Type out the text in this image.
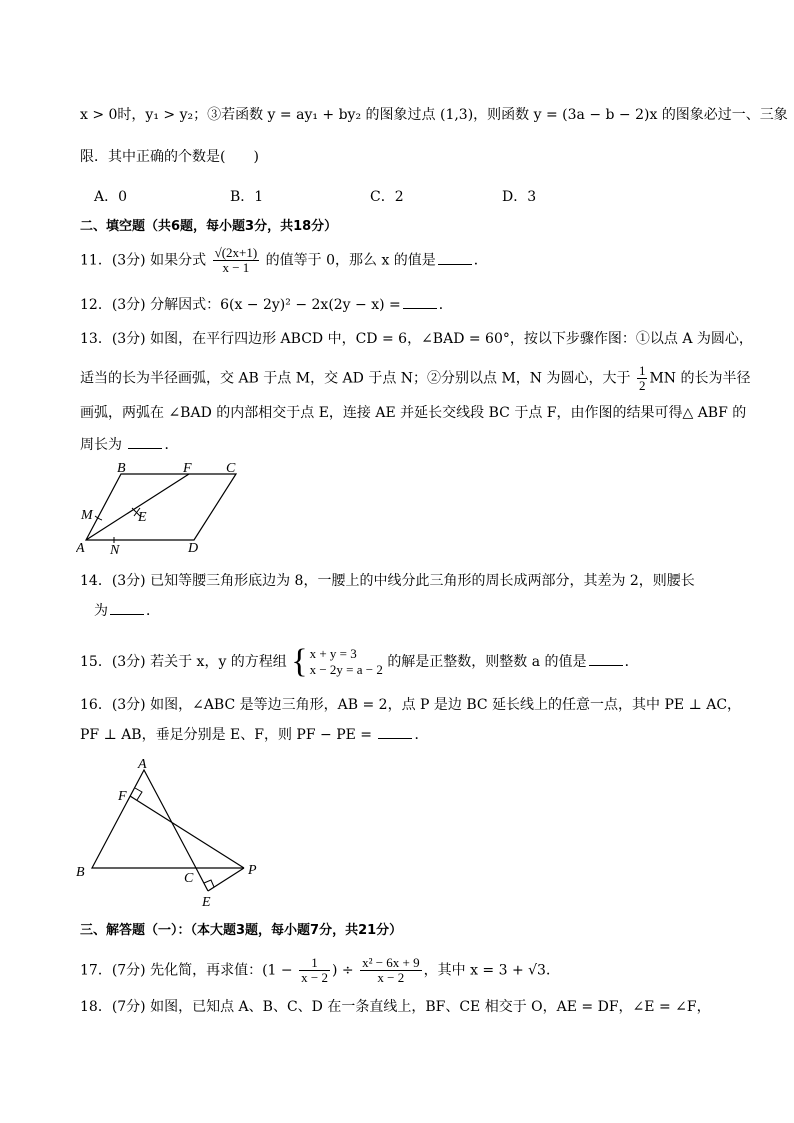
x > 0时，y₁ > y₂；③若函数 y = ay₁ + by₂ 的图象过点 (1,3)，则函数 y = (3a − b − 2)x 的图象必过一、三象
限．其中正确的个数是(　　)
A．0	B．1	C．2	D．3
二、填空题（共6题，每小题3分，共18分）
11．(3分) 如果分式 $\frac{√(2x+1)}{x - 1}$ 的值等于 0，那么 x 的值是	．
12．(3分) 分解因式：6(x − 2y)² − 2x(2y − x) =	．
13．(3分) 如图，在平行四边形 ABCD 中，CD = 6，∠BAD = 60°，按以下步骤作图：①以点 A 为圆心，
适当的长为半径画弧，交 AB 于点 M，交 AD 于点 N；②分别以点 M，N 为圆心，大于 $\frac{1}{2}$ MN 的长为半径
画弧，两弧在 ∠BAD 的内部相交于点 E，连接 AE 并延长交线段 BC 于点 F，由作图的结果可得△ ABF 的
周长为	．
B	F C
M	E
A N	D
14．(3分) 已知等腰三角形底边为 8，一腰上的中线分此三角形的周长成两部分，其差为 2，则腰长
为	．
15．(3分) 若关于 x，y 的方程组 { x + y = 3
x − 2y = a − 2 的解是正整数，则整数 a 的值是	．
16．(3分) 如图，∠ABC 是等边三角形，AB = 2，点 P 是边 BC 延长线上的任意一点，其中 PE ⊥ AC，
PF ⊥ AB，垂足分别是 E、F，则 PF − PE =	．
A
F
B	C
P
E
三、解答题（一）：（本大题3题，每小题7分，共21分）
17．(7分) 先化简，再求值：($1 - \frac{1}{x - 2}$ ) ÷ $\frac{\text{x² − 6x + 9}}{x - 2}$ ，其中 x = 3 + √3．
18．(7分) 如图，已知点 A、B、C、D 在一条直线上，BF、CE 相交于 O，AE = DF，∠E = ∠F，
